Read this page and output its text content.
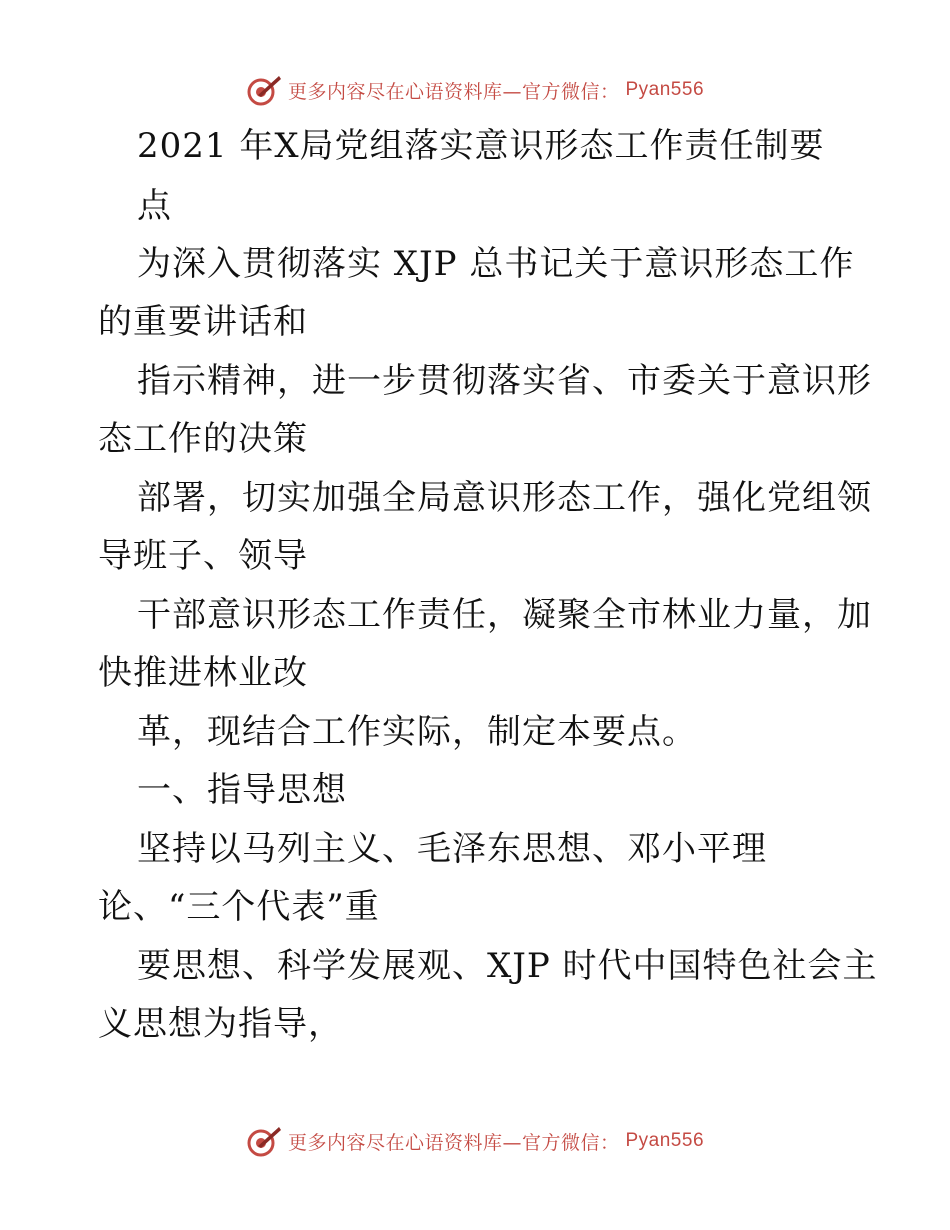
更多内容尽在心语资料库—官方微信： Pyan556
2021 年X局党组落实意识形态工作责任制要
点
为深入贯彻落实 XJP 总书记关于意识形态工作
的重要讲话和
指示精神，进一步贯彻落实省、市委关于意识形
态工作的决策
部署，切实加强全局意识形态工作，强化党组领
导班子、领导
干部意识形态工作责任，凝聚全市林业力量，加
快推进林业改
革，现结合工作实际，制定本要点。
一、指导思想
坚持以马列主义、毛泽东思想、邓小平理
论、“三个代表”重
要思想、科学发展观、XJP 时代中国特色社会主
义思想为指导，
更多内容尽在心语资料库—官方微信： Pyan556
